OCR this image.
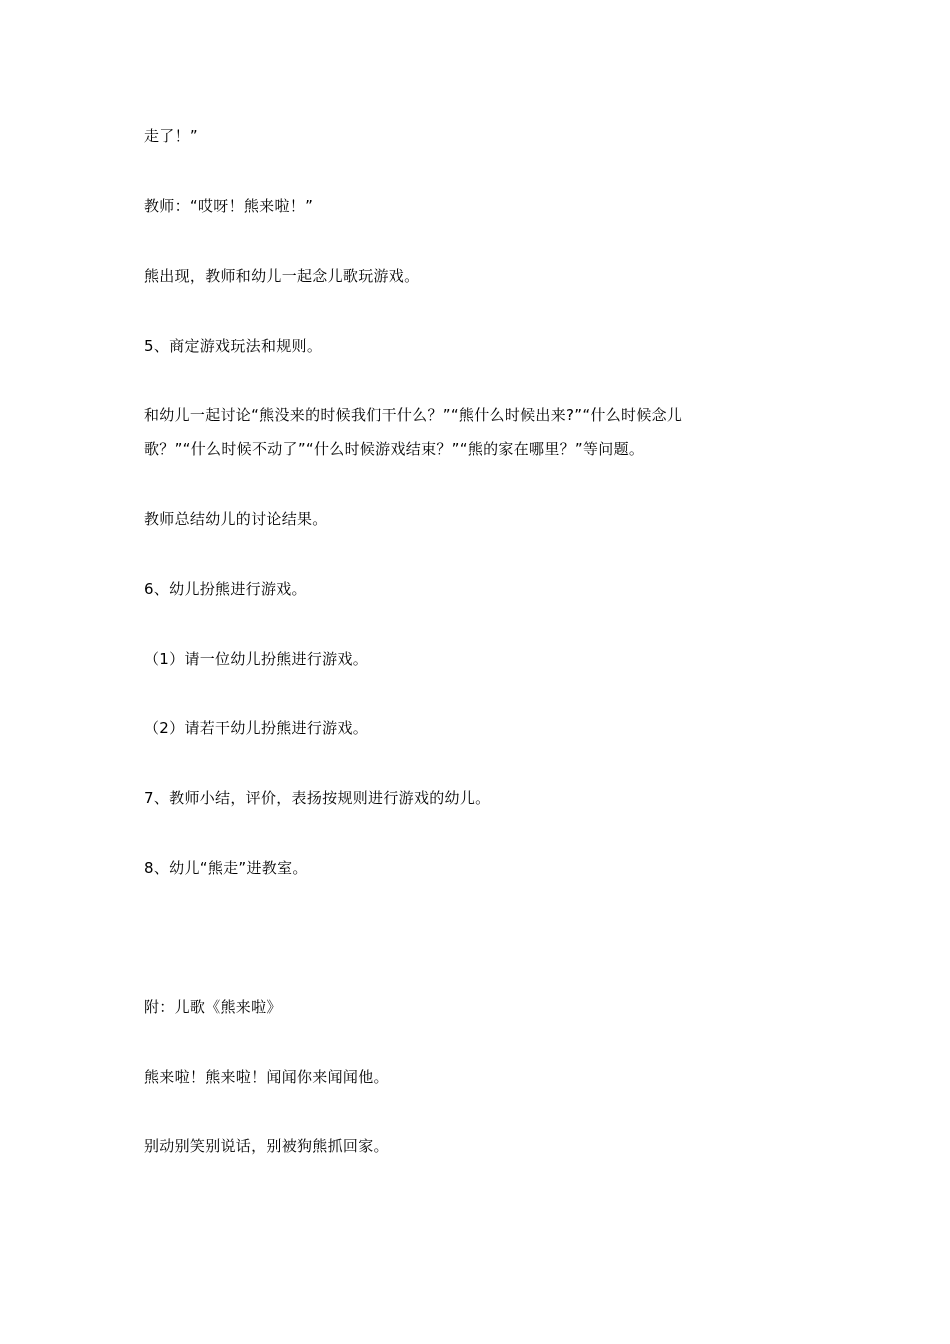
走了！”
教师：“哎呀！熊来啦！”
熊出现，教师和幼儿一起念儿歌玩游戏。
5、商定游戏玩法和规则。
和幼儿一起讨论“熊没来的时候我们干什么？”“熊什么时候出来?”“什么时候念儿
歌？”“什么时候不动了”“什么时候游戏结束？”“熊的家在哪里？”等问题。
教师总结幼儿的讨论结果。
6、幼儿扮熊进行游戏。
（1）请一位幼儿扮熊进行游戏。
（2）请若干幼儿扮熊进行游戏。
7、教师小结，评价，表扬按规则进行游戏的幼儿。
8、幼儿“熊走”进教室。
附：儿歌《熊来啦》
熊来啦！熊来啦！闻闻你来闻闻他。
别动别笑别说话，别被狗熊抓回家。
